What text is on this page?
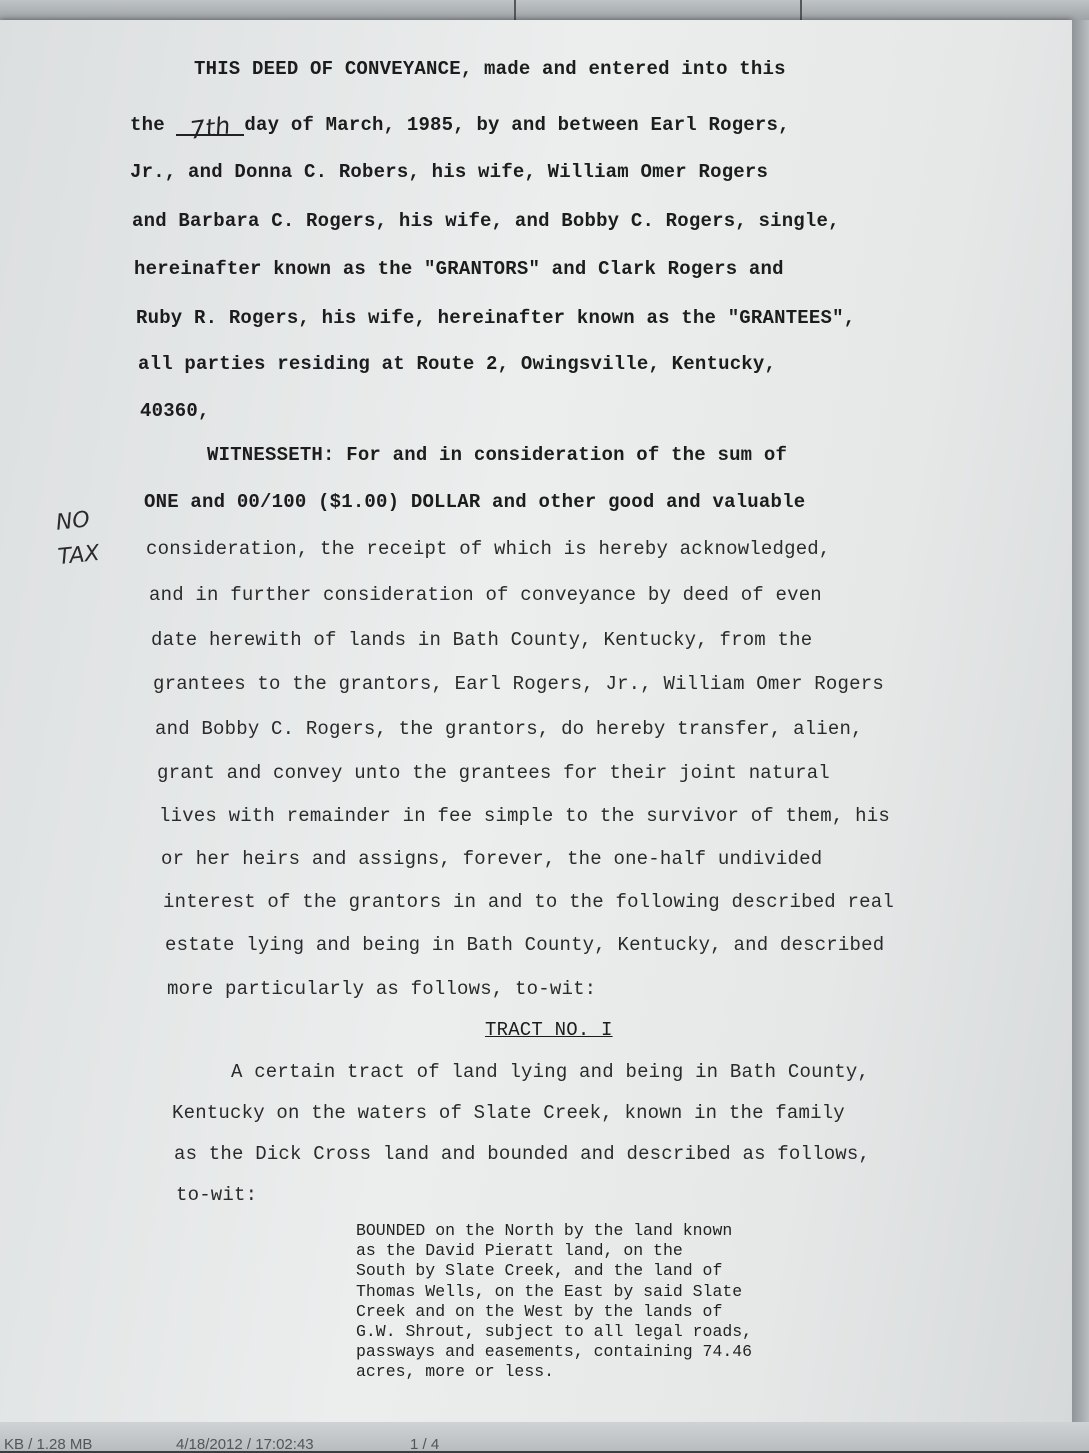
THIS DEED OF CONVEYANCE, made and entered into this
the 7th day of March, 1985, by and between Earl Rogers,
Jr., and Donna C. Robers, his wife, William Omer Rogers
and Barbara C. Rogers, his wife, and Bobby C. Rogers, single,
hereinafter known as the "GRANTORS" and Clark Rogers and
Ruby R. Rogers, his wife, hereinafter known as the "GRANTEES",
all parties residing at Route 2, Owingsville, Kentucky,
40360,
WITNESSETH: For and in consideration of the sum of
ONE and 00/100 ($1.00) DOLLAR and other good and valuable
consideration, the receipt of which is hereby acknowledged,
and in further consideration of conveyance by deed of even
date herewith of lands in Bath County, Kentucky, from the
grantees to the grantors, Earl Rogers, Jr., William Omer Rogers
and Bobby C. Rogers, the grantors, do hereby transfer, alien,
grant and convey unto the grantees for their joint natural
lives with remainder in fee simple to the survivor of them, his
or her heirs and assigns, forever, the one-half undivided
interest of the grantors in and to the following described real
estate lying and being in Bath County, Kentucky, and described
more particularly as follows, to-wit:
TRACT NO. I
A certain tract of land lying and being in Bath County,
Kentucky on the waters of Slate Creek, known in the family
as the Dick Cross land and bounded and described as follows,
to-wit:
NO
TAX
BOUNDED on the North by the land known
as the David Pieratt land, on the
South by Slate Creek, and the land of
Thomas Wells, on the East by said Slate
Creek and on the West by the lands of
G.W. Shrout, subject to all legal roads,
passways and easements, containing 74.46
acres, more or less.
KB / 1.28 MB	4/18/2012 / 17:02:43	1 / 4
